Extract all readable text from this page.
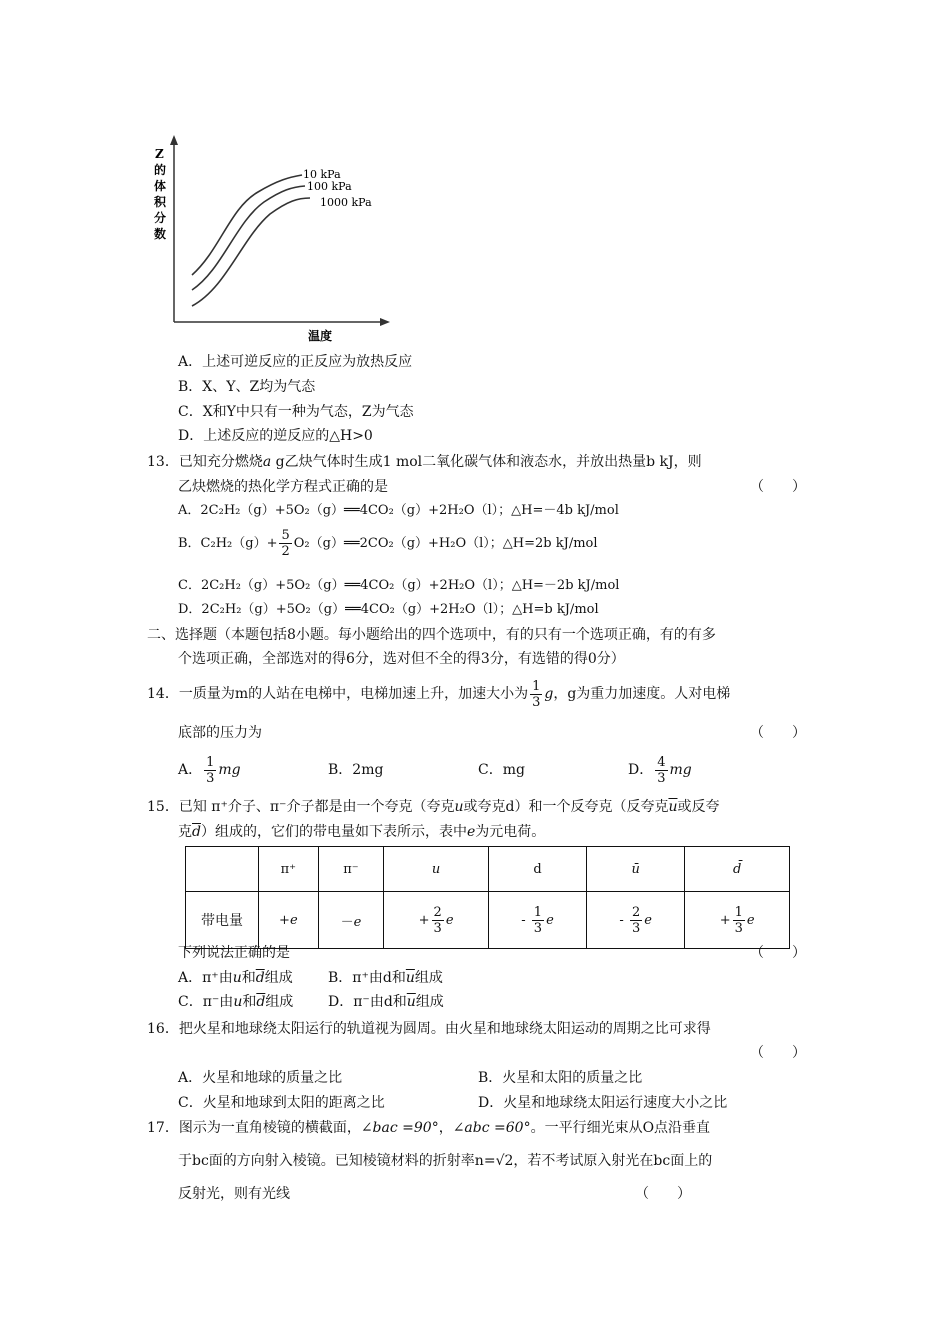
10 kPa
100 kPa
1000 kPa
Z
的
体
积
分
数
温度
A．上述可逆反应的正反应为放热反应
B．X、Y、Z均为气态
C．X和Y中只有一种为气态，Z为气态
D．上述反应的逆反应的△H>0
13．已知充分燃烧a g乙炔气体时生成1 mol二氧化碳气体和液态水，并放出热量b kJ，则
乙炔燃烧的热化学方程式正确的是	（　　）
A．2C₂H₂（g）+5O₂（g）══4CO₂（g）+2H₂O（l）；△H=－4b kJ/mol
B．$C_2H_2(g)+ \frac{5}{2}$ O₂（g）══2CO₂（g）+H₂O（l）；△H=2b kJ/mol
C．2C₂H₂（g）+5O₂（g）══4CO₂（g）+2H₂O（l）；△H=－2b kJ/mol
D．2C₂H₂（g）+5O₂（g）══4CO₂（g）+2H₂O（l）；△H=b kJ/mol
二、选择题（本题包括8小题。每小题给出的四个选项中，有的只有一个选项正确，有的有多
个选项正确，全部选对的得6分，选对但不全的得3分，有选错的得0分）
14．一质量为m的人站在电梯中，电梯加速上升，加速大小为 $\frac{1}{3}$ g，g为重力加速度。人对电梯
底部的压力为	（　　）
A． $\frac{1}{3}$ mg	B．2mg	C．mg	D． $\frac{4}{3}$ mg
15．已知 π⁺介子、π⁻介子都是由一个夸克（夸克u或夸克d）和一个反夸克（反夸克$\overline{u}$或反夸
克$\overline{d}$）组成的，它们的带电量如下表所示，表中e为元电荷。
	π⁺	π⁻	u	d	ū	d̄
带电量	+e	－e	+ $\frac{2}{3}$ e	- $\frac{1}{3}$ e	- $\frac{2}{3}$ e	+ $\frac{1}{3}$ e
下列说法正确的是	（　　）
A．π⁺由u和$\overline{d}$组成	B．π⁺由d和$\overline{u}$组成
C．π⁻由u和$\overline{d}$组成 D．π⁻由d和$\overline{u}$组成
16．把火星和地球绕太阳运行的轨道视为圆周。由火星和地球绕太阳运动的周期之比可求得
（　　）
A．火星和地球的质量之比	B．火星和太阳的质量之比
C．火星和地球到太阳的距离之比	D．火星和地球绕太阳运行速度大小之比
17．图示为一直角棱镜的横截面，∠bac =90°，∠abc =60°。一平行细光束从O点沿垂直
于bc面的方向射入棱镜。已知棱镜材料的折射率n=√2，若不考试原入射光在bc面上的
反射光，则有光线	（　　）
